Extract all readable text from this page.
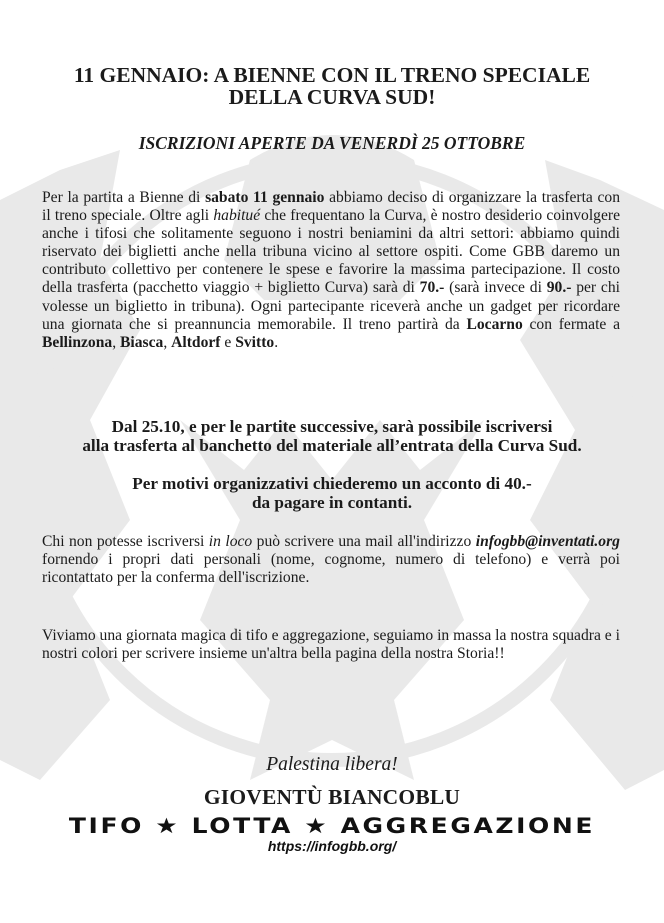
11 GENNAIO: A BIENNE CON IL TRENO SPECIALE
DELLA CURVA SUD!
ISCRIZIONI APERTE DA VENERDÌ 25 OTTOBRE

Per la partita a Bienne di sabato 11 gennaio abbiamo deciso di organizzare la trasferta con il treno speciale. Oltre agli habitué che frequentano la Curva, è nostro desiderio coinvolgere anche i tifosi che solitamente seguono i nostri beniamini da altri settori: abbiamo quindi riservato dei biglietti anche nella tribuna vicino al settore ospiti. Come GBB daremo un contributo collettivo per contenere le spese e favorire la massima partecipazione. Il costo della trasferta (pacchetto viaggio + biglietto Curva) sarà di 70.- (sarà invece di 90.- per chi volesse un biglietto in tribuna). Ogni partecipante riceverà anche un gadget per ricordare una giornata che si preannuncia memorabile. Il treno partirà da Locarno con fermate a Bellinzona, Biasca, Altdorf e Svitto.

Dal 25.10, e per le partite successive, sarà possibile iscriversi
alla trasferta al banchetto del materiale all’entrata della Curva Sud.

Per motivi organizzativi chiederemo un acconto di 40.-
da pagare in contanti.

Chi non potesse iscriversi in loco può scrivere una mail all'indirizzo infogbb@inventati.org fornendo i propri dati personali (nome, cognome, numero di telefono) e verrà poi ricontattato per la conferma dell'iscrizione.

Viviamo una giornata magica di tifo e aggregazione, seguiamo in massa la nostra squadra e i nostri colori per scrivere insieme un'altra bella pagina della nostra Storia!!

Palestina libera!

GIOVENTÙ BIANCOBLU

TIFO ★ LOTTA ★ AGGREGAZIONE

https://infogbb.org/
